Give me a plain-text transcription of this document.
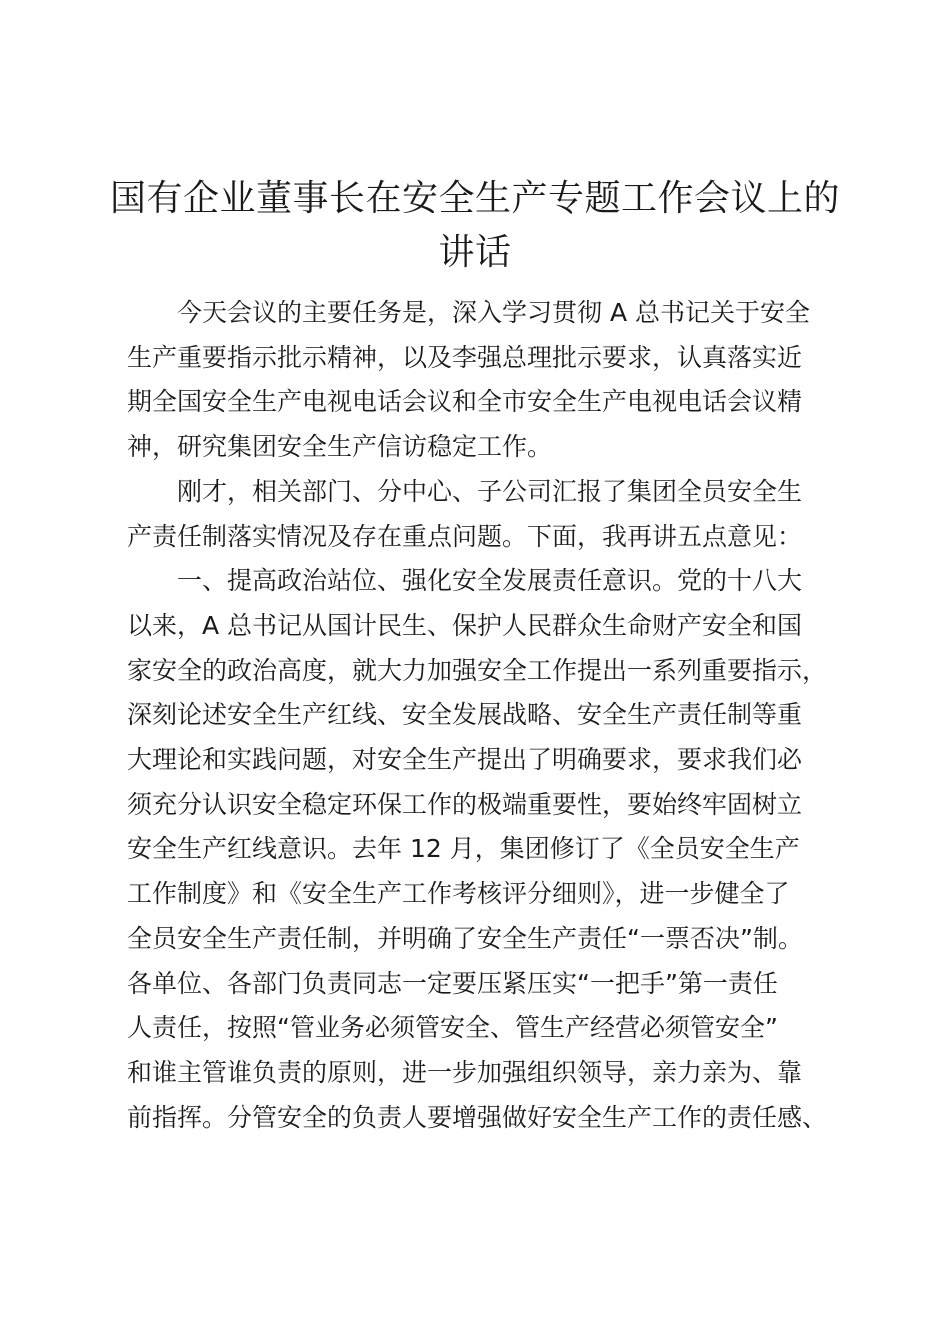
国有企业董事长在安全生产专题工作会议上的
讲话

今天会议的主要任务是，深入学习贯彻 A 总书记关于安全
生产重要指示批示精神，以及李强总理批示要求，认真落实近
期全国安全生产电视电话会议和全市安全生产电视电话会议精
神，研究集团安全生产信访稳定工作。

刚才，相关部门、分中心、子公司汇报了集团全员安全生
产责任制落实情况及存在重点问题。下面，我再讲五点意见：

一、提高政治站位、强化安全发展责任意识。党的十八大
以来，A 总书记从国计民生、保护人民群众生命财产安全和国
家安全的政治高度，就大力加强安全工作提出一系列重要指示，
深刻论述安全生产红线、安全发展战略、安全生产责任制等重
大理论和实践问题，对安全生产提出了明确要求，要求我们必
须充分认识安全稳定环保工作的极端重要性，要始终牢固树立
安全生产红线意识。去年 12 月，集团修订了《全员安全生产
工作制度》和《安全生产工作考核评分细则》，进一步健全了
全员安全生产责任制，并明确了安全生产责任“一票否决”制。
各单位、各部门负责同志一定要压紧压实“一把手”第一责任
人责任，按照“管业务必须管安全、管生产经营必须管安全”
和谁主管谁负责的原则，进一步加强组织领导，亲力亲为、靠
前指挥。分管安全的负责人要增强做好安全生产工作的责任感、
